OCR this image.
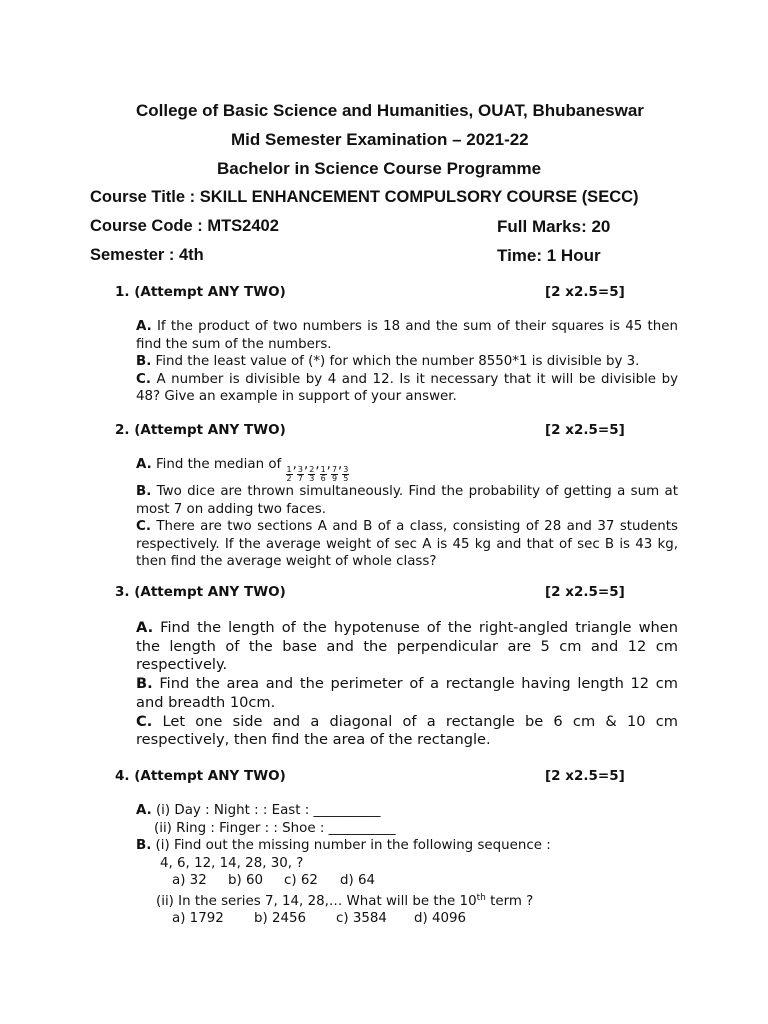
College of Basic Science and Humanities, OUAT, Bhubaneswar
Mid Semester Examination – 2021-22
Bachelor in Science Course Programme
Course Title : SKILL ENHANCEMENT COMPULSORY COURSE (SECC)
Course Code : MTS2402	Full Marks: 20
Semester : 4th	Time: 1 Hour
1. (Attempt ANY TWO)	[2 x2.5=5]

A. If the product of two numbers is 18 and the sum of their squares is 45 then find the sum of the numbers.

B. Find the least value of (*) for which the number 8550*1 is divisible by 3.

C. A number is divisible by 4 and 12. Is it necessary that it will be divisible by 48? Give an example in support of your answer.

2. (Attempt ANY TWO)	[2 x2.5=5]

A. Find the median of
$\frac{1}{2}$
,
$\frac{3}{7}$
,
$\frac{2}{3}$
,
$\frac{1}{6}$
,
$\frac{7}{9}$
,
$\frac{3}{5}$

B. Two dice are thrown simultaneously. Find the probability of getting a sum at most 7 on adding two faces.

C. There are two sections A and B of a class, consisting of 28 and 37 students respectively. If the average weight of sec A is 45 kg and that of sec B is 43 kg, then find the average weight of whole class?

3. (Attempt ANY TWO)	[2 x2.5=5]

A. Find the length of the hypotenuse of the right-angled triangle when the length of the base and the perpendicular are 5 cm and 12 cm respectively.

B. Find the area and the perimeter of a rectangle having length 12 cm and breadth 10cm.

C. Let one side and a diagonal of a rectangle be 6 cm & 10 cm respectively, then find the area of the rectangle.

4. (Attempt ANY TWO)	[2 x2.5=5]

A. (i) Day : Night : : East : __________

(ii) Ring : Finger : : Shoe : __________

B. (i) Find out the missing number in the following sequence :

4, 6, 12, 14, 28, 30, ?

a) 32 b) 60 c) 62 d) 64

(ii) In the series 7, 14, 28,… What will be the 10th term ?

a) 1792 b) 2456 c) 3584 d) 4096
